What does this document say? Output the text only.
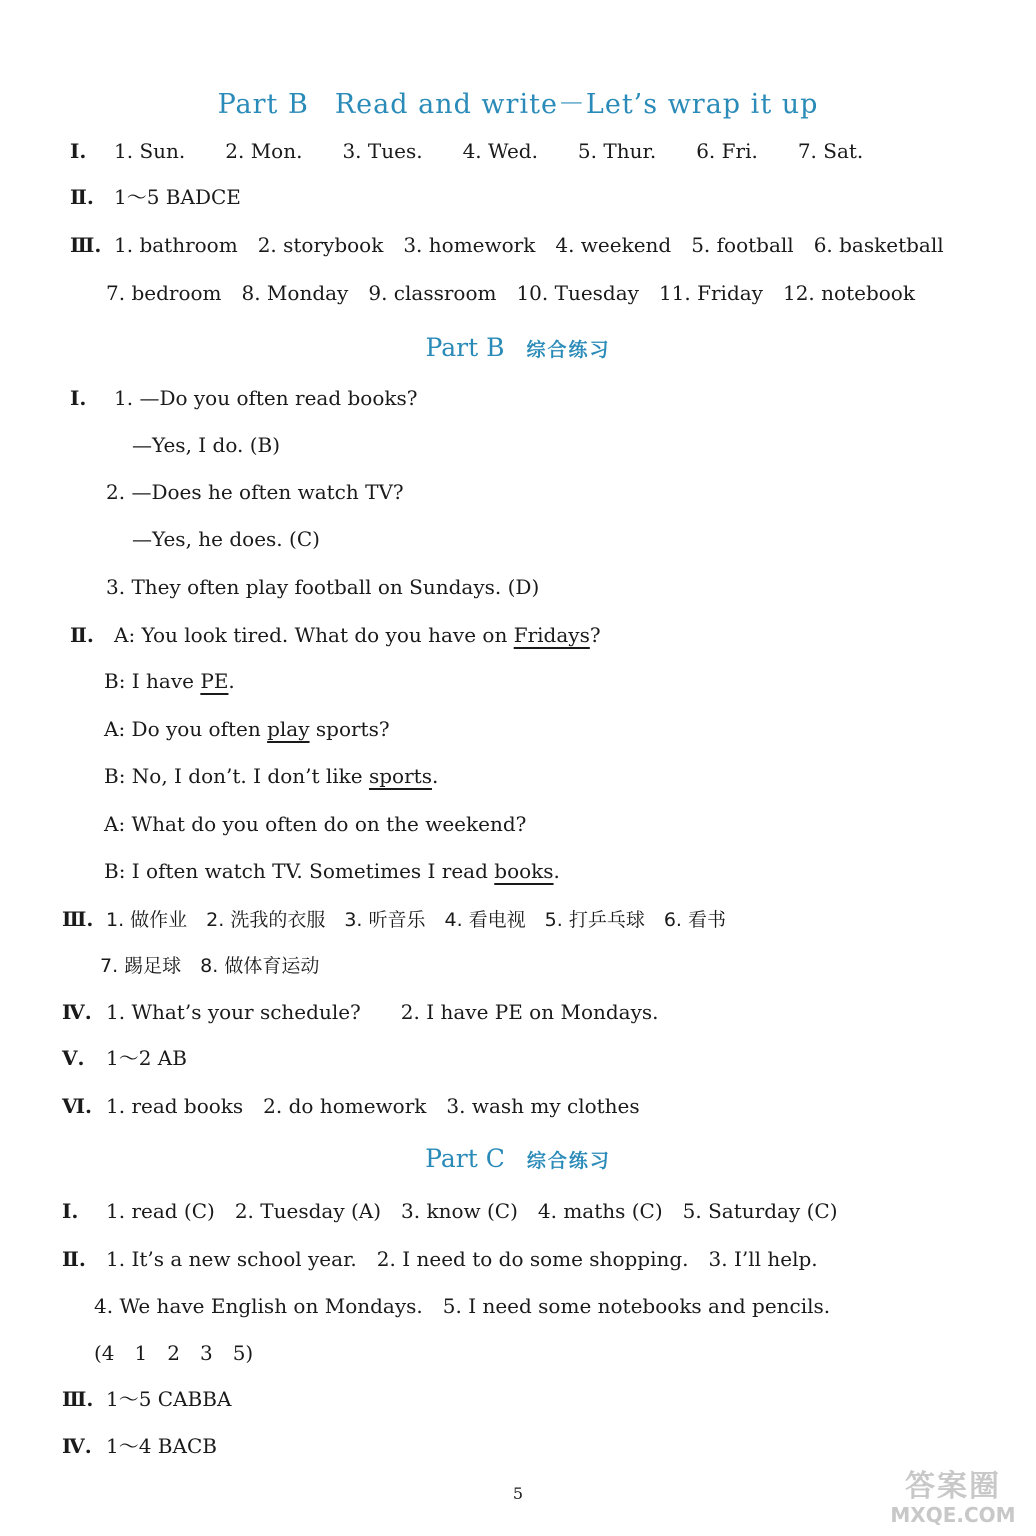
Part B Read and write－Let’s wrap it up
Ⅰ. 1. Sun.　　2. Mon.　　3. Tues.　　4. Wed.　　5. Thur.　　6. Fri.　　7. Sat.
Ⅱ. 1～5 BADCE
Ⅲ. 1. bathroom　2. storybook　3. homework　4. weekend　5. football　6. basketball
7. bedroom　8. Monday　9. classroom　10. Tuesday　11. Friday　12. notebook
Part B 综合练习
Ⅰ. 1. —Do you often read books?
—Yes, I do. (B)
2. —Does he often watch TV?
—Yes, he does. (C)
3. They often play football on Sundays. (D)
Ⅱ. A: You look tired. What do you have on Fridays?
B: I have PE.
A: Do you often play sports?
B: No, I don’t. I don’t like sports.
A: What do you often do on the weekend?
B: I often watch TV. Sometimes I read books.
Ⅲ. 1. 做作业　2. 洗我的衣服　3. 听音乐　4. 看电视　5. 打乒乓球　6. 看书
7. 踢足球　8. 做体育运动
Ⅳ. 1. What’s your schedule?　　2. I have PE on Mondays.
Ⅴ. 1～2 AB
Ⅵ. 1. read books　2. do homework　3. wash my clothes
Part C 综合练习
Ⅰ. 1. read (C)　2. Tuesday (A)　3. know (C)　4. maths (C)　5. Saturday (C)
Ⅱ. 1. It’s a new school year.　2. I need to do some shopping.　3. I’ll help.
4. We have English on Mondays.　5. I need some notebooks and pencils.
(4　1　2　3　5)
Ⅲ. 1～5 CABBA
Ⅳ. 1～4 BACB
5	答案圈
MXQE.COM
